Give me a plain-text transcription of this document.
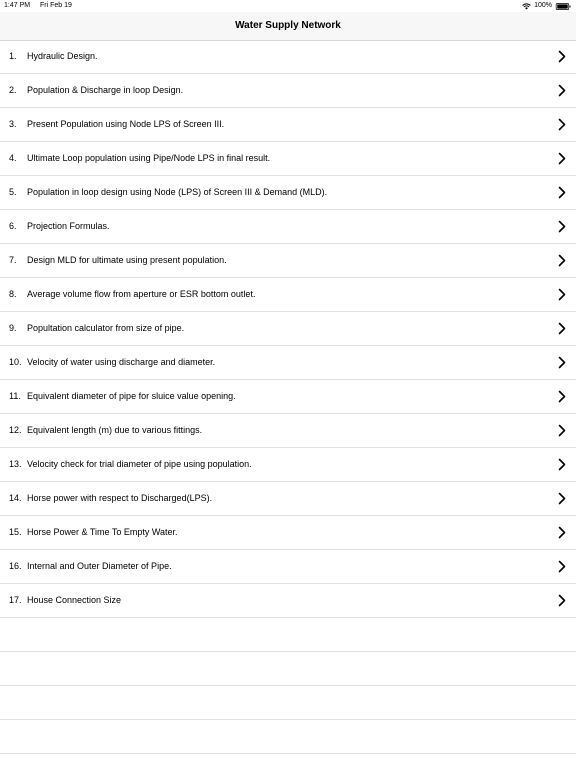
1:47 PM Fri Feb 19	100%
Water Supply Network
1. Hydraulic Design.
2. Population & Discharge in loop Design.
3. Present Population using Node LPS of Screen III.
4. Ultimate Loop population using Pipe/Node LPS in final result.
5. Population in loop design using Node (LPS) of Screen III & Demand (MLD).
6. Projection Formulas.
7. Design MLD for ultimate using present population.
8. Average volume flow from aperture or ESR bottom outlet.
9. Popultation calculator from size of pipe.
10. Velocity of water using discharge and diameter.
11. Equivalent diameter of pipe for sluice value opening.
12. Equivalent length (m) due to various fittings.
13. Velocity check for trial diameter of pipe using population.
14. Horse power with respect to Discharged(LPS).
15. Horse Power & Time To Empty Water.
16. Internal and Outer Diameter of Pipe.
17. House Connection Size
